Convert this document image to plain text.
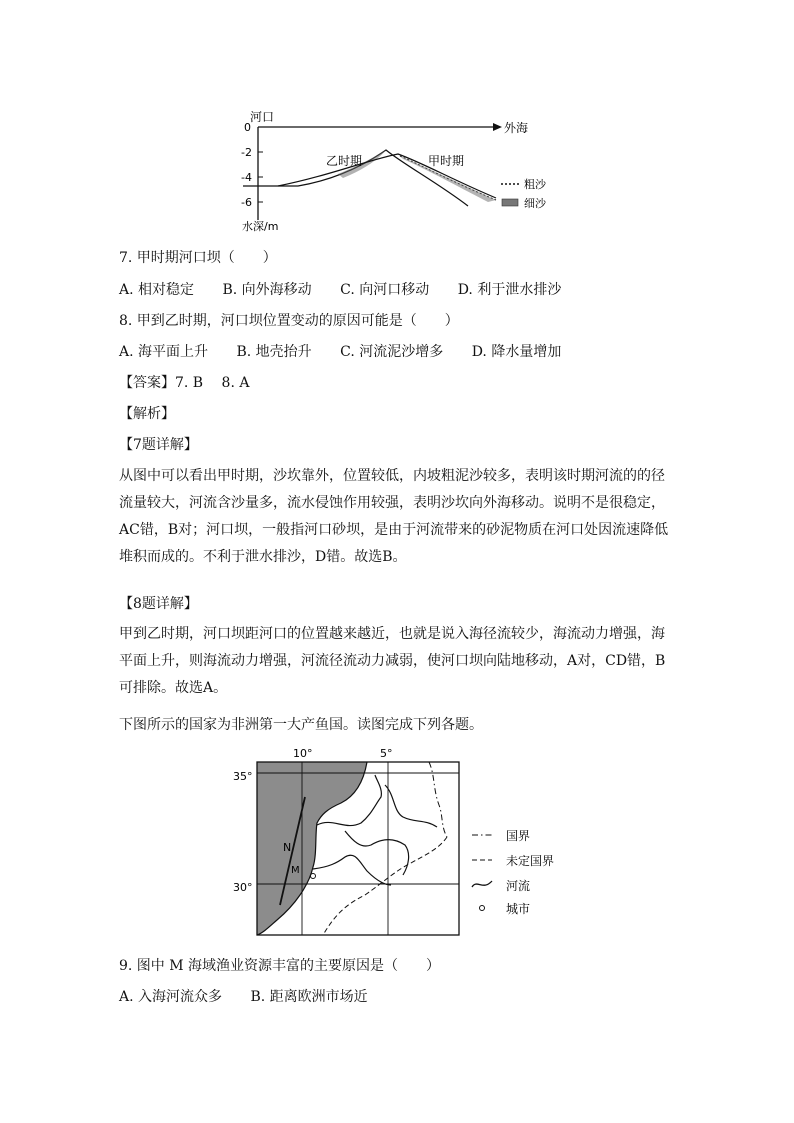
河口
外海
0
-2
-4
-6
水深/m
乙时期	甲时期
粗沙
细沙
7. 甲时期河口坝（　　）
A. 相对稳定 B. 向外海移动 C. 向河口移动 D. 利于泄水排沙
8. 甲到乙时期，河口坝位置变动的原因可能是（　　）
A. 海平面上升 B. 地壳抬升 C. 河流泥沙增多 D. 降水量增加
【答案】7. B　 8. A
【解析】
【7题详解】
从图中可以看出甲时期，沙坎靠外，位置较低，内坡粗泥沙较多，表明该时期河流的的径流量较大，河流含沙量多，流水侵蚀作用较强，表明沙坎向外海移动。说明不是很稳定，AC错，B对；河口坝，一般指河口砂坝，是由于河流带来的砂泥物质在河口处因流速降低堆积而成的。不利于泄水排沙，D错。故选B。
【8题详解】
甲到乙时期，河口坝距河口的位置越来越近，也就是说入海径流较少，海流动力增强，海平面上升，则海流动力增强，河流径流动力减弱，使河口坝向陆地移动，A对，CD错，B可排除。故选A。
下图所示的国家为非洲第一大产鱼国。读图完成下列各题。
N
M
10°	5°
35°
30°
国界
未定国界
河流
城市
9. 图中 M 海域渔业资源丰富的主要原因是（　　）
A. 入海河流众多 B. 距离欧洲市场近
